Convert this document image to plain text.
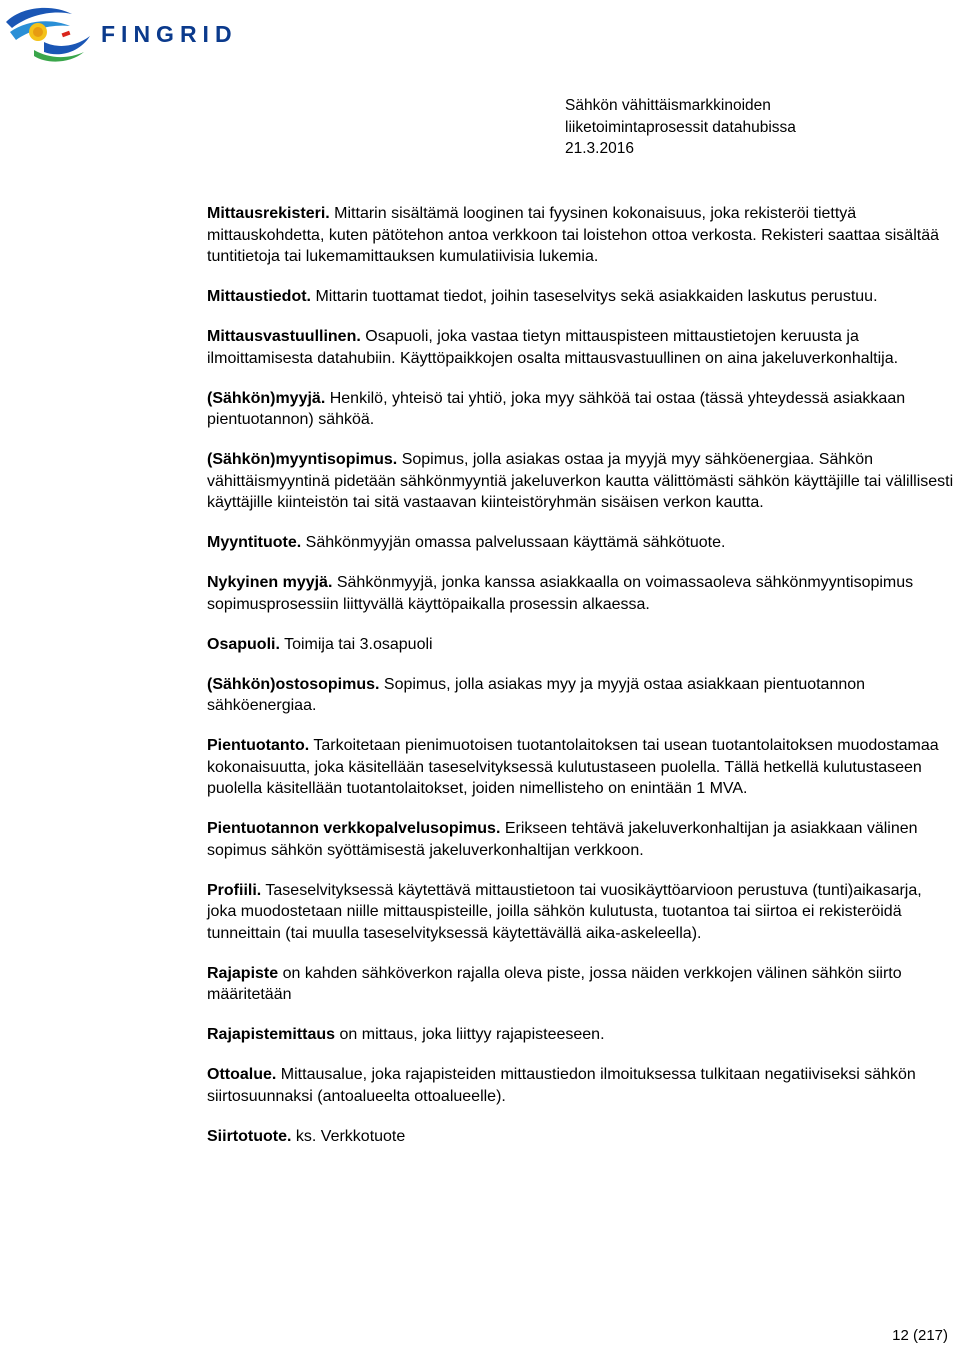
FINGRID
Sähkön vähittäismarkkinoiden
liiketoimintaprosessit datahubissa
21.3.2016

Mittausrekisteri. Mittarin sisältämä looginen tai fyysinen kokonaisuus, joka rekisteröi tiettyä mittauskohdetta, kuten pätötehon antoa verkkoon tai loistehon ottoa verkosta. Rekisteri saattaa sisältää tuntitietoja tai lukemamittauksen kumulatiivisia lukemia.

Mittaustiedot. Mittarin tuottamat tiedot, joihin taseselvitys sekä asiakkaiden laskutus perustuu.

Mittausvastuullinen. Osapuoli, joka vastaa tietyn mittauspisteen mittaustietojen keruusta ja ilmoittamisesta datahubiin. Käyttöpaikkojen osalta mittausvastuullinen on aina jakeluverkonhaltija.

(Sähkön)myyjä. Henkilö, yhteisö tai yhtiö, joka myy sähköä tai ostaa (tässä yhteydessä asiakkaan pientuotannon) sähköä.

(Sähkön)myyntisopimus. Sopimus, jolla asiakas ostaa ja myyjä myy sähköenergiaa. Sähkön vähittäismyyntinä pidetään sähkönmyyntiä jakeluverkon kautta välittömästi sähkön käyttäjille tai välillisesti käyttäjille kiinteistön tai sitä vastaavan kiinteistöryhmän sisäisen verkon kautta.

Myyntituote. Sähkönmyyjän omassa palvelussaan käyttämä sähkötuote.

Nykyinen myyjä. Sähkönmyyjä, jonka kanssa asiakkaalla on voimassaoleva sähkönmyyntisopimus sopimusprosessiin liittyvällä käyttöpaikalla prosessin alkaessa.

Osapuoli. Toimija tai 3.osapuoli

(Sähkön)ostosopimus. Sopimus, jolla asiakas myy ja myyjä ostaa asiakkaan pientuotannon sähköenergiaa.

Pientuotanto. Tarkoitetaan pienimuotoisen tuotantolaitoksen tai usean tuotantolaitoksen muodostamaa kokonaisuutta, joka käsitellään taseselvityksessä kulutustaseen puolella. Tällä hetkellä kulutustaseen puolella käsitellään tuotantolaitokset, joiden nimellisteho on enintään 1 MVA.

Pientuotannon verkkopalvelusopimus. Erikseen tehtävä jakeluverkonhaltijan ja asiakkaan välinen sopimus sähkön syöttämisestä jakeluverkonhaltijan verkkoon.

Profiili. Taseselvityksessä käytettävä mittaustietoon tai vuosikäyttöarvioon perustuva (tunti)aikasarja, joka muodostetaan niille mittauspisteille, joilla sähkön kulutusta, tuotantoa tai siirtoa ei rekisteröidä tunneittain (tai muulla taseselvityksessä käytettävällä aika-askeleella).

Rajapiste on kahden sähköverkon rajalla oleva piste, jossa näiden verkkojen välinen sähkön siirto määritetään

Rajapistemittaus on mittaus, joka liittyy rajapisteeseen.

Ottoalue. Mittausalue, joka rajapisteiden mittaustiedon ilmoituksessa tulkitaan negatiiviseksi sähkön siirtosuunnaksi (antoalueelta ottoalueelle).

Siirtotuote. ks. Verkkotuote

12 (217)
